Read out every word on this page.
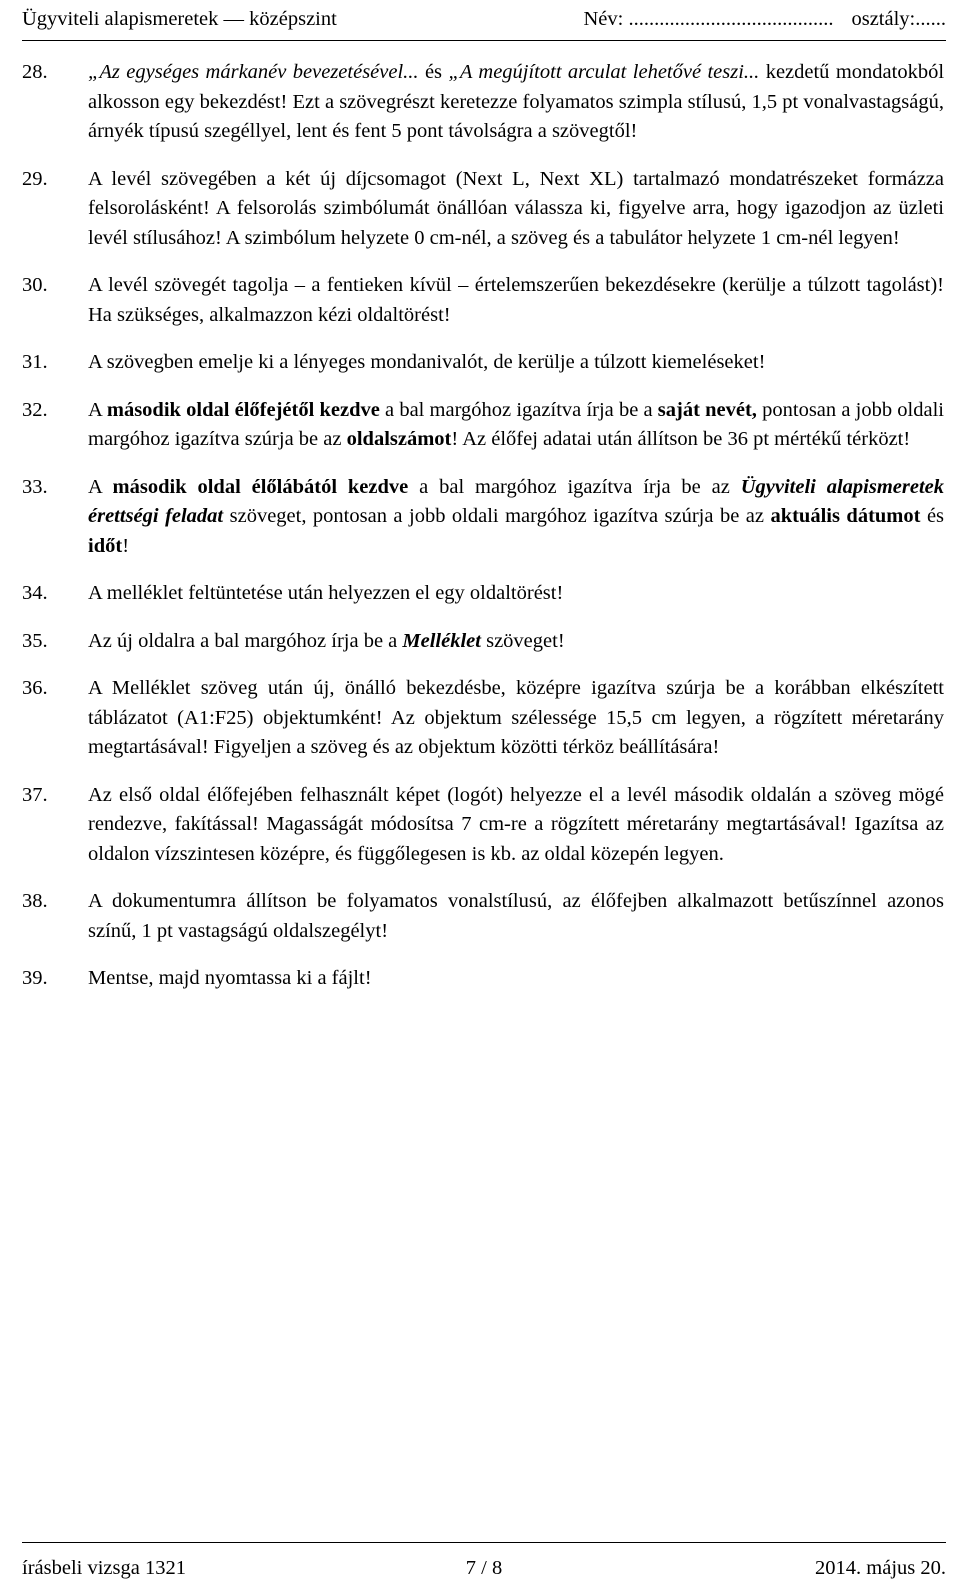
Ügyviteli alapismeretek — középszint	Név: ........................................ osztály:......
28.	„Az egységes márkanév bevezetésével... és „A megújított arculat lehetővé teszi... kezdetű mondatokból alkosson egy bekezdést! Ezt a szövegrészt keretezze folyamatos szimpla stílusú, 1,5 pt vonalvastagságú, árnyék típusú szegéllyel, lent és fent 5 pont távolságra a szövegtől!
29.	A levél szövegében a két új díjcsomagot (Next L, Next XL) tartalmazó mondatrészeket formázza felsorolásként! A felsorolás szimbólumát önállóan válassza ki, figyelve arra, hogy igazodjon az üzleti levél stílusához! A szimbólum helyzete 0 cm-nél, a szöveg és a tabulátor helyzete 1 cm-nél legyen!
30.	A levél szövegét tagolja – a fentieken kívül – értelemszerűen bekezdésekre (kerülje a túlzott tagolást)! Ha szükséges, alkalmazzon kézi oldaltörést!
31.	A szövegben emelje ki a lényeges mondanivalót, de kerülje a túlzott kiemeléseket!
32.	A második oldal élőfejétől kezdve a bal margóhoz igazítva írja be a saját nevét, pontosan a jobb oldali margóhoz igazítva szúrja be az oldalszámot! Az élőfej adatai után állítson be 36 pt mértékű térközt!
33.	A második oldal élőlábától kezdve a bal margóhoz igazítva írja be az Ügyviteli alapismeretek érettségi feladat szöveget, pontosan a jobb oldali margóhoz igazítva szúrja be az aktuális dátumot és időt!
34.	A melléklet feltüntetése után helyezzen el egy oldaltörést!
35.	Az új oldalra a bal margóhoz írja be a Melléklet szöveget!
36.	A Melléklet szöveg után új, önálló bekezdésbe, középre igazítva szúrja be a korábban elkészített táblázatot (A1:F25) objektumként! Az objektum szélessége 15,5 cm legyen, a rögzített méretarány megtartásával! Figyeljen a szöveg és az objektum közötti térköz beállítására!
37.	Az első oldal élőfejében felhasznált képet (logót) helyezze el a levél második oldalán a szöveg mögé rendezve, fakítással! Magasságát módosítsa 7 cm-re a rögzített méretarány megtartásával! Igazítsa az oldalon vízszintesen középre, és függőlegesen is kb. az oldal közepén legyen.
38.	A dokumentumra állítson be folyamatos vonalstílusú, az élőfejben alkalmazott betűszínnel azonos színű, 1 pt vastagságú oldalszegélyt!
39.	Mentse, majd nyomtassa ki a fájlt!
írásbeli vizsga 1321	7 / 8	2014. május 20.
